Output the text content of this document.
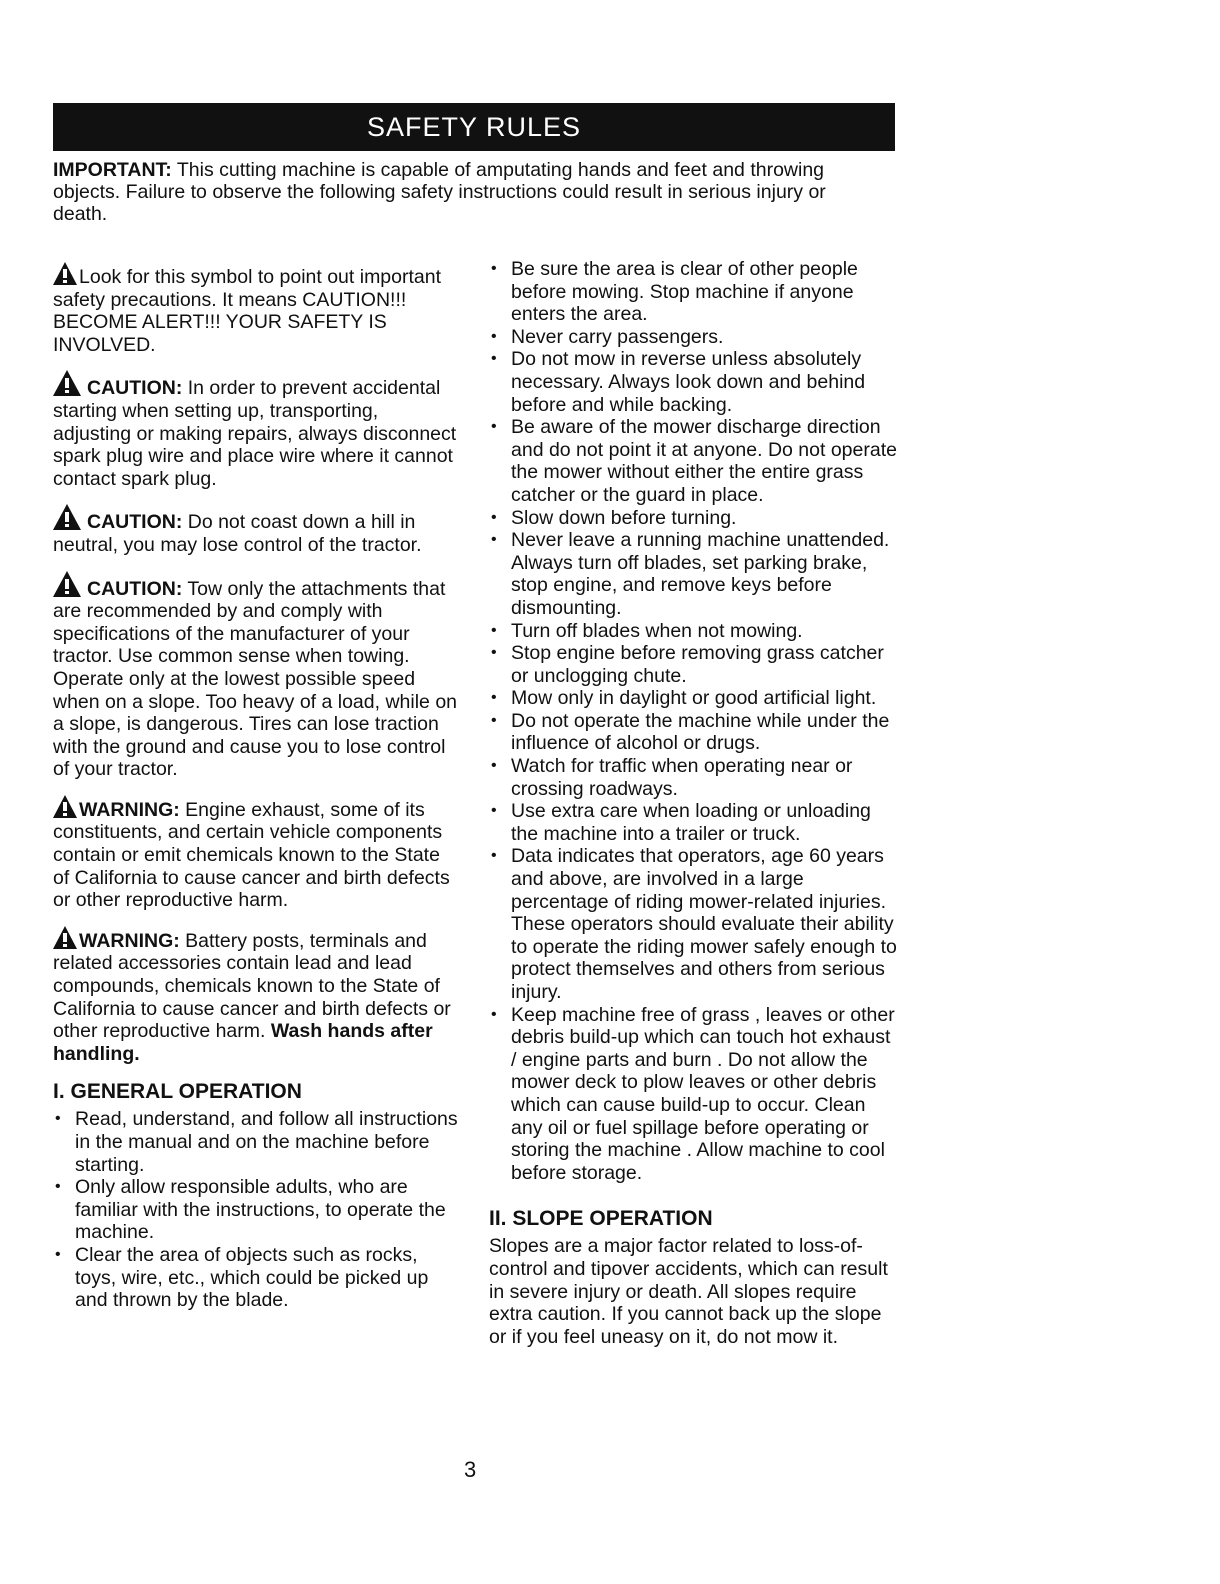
SAFETY RULES
IMPORTANT: This cutting machine is capable of amputating hands and feet and throwing objects. Failure to observe the following safety instructions could result in serious injury or death.

Look for this symbol to point out important safety precautions. It means CAUTION!!! BECOME ALERT!!! YOUR SAFETY IS INVOLVED.

CAUTION: In order to prevent accidental starting when setting up, transporting, adjusting or making repairs, always disconnect spark plug wire and place wire where it cannot contact spark plug.

CAUTION: Do not coast down a hill in neutral, you may lose control of the tractor.

CAUTION: Tow only the attachments that are recommended by and comply with specifications of the manufacturer of your tractor. Use common sense when towing. Operate only at the lowest possible speed when on a slope. Too heavy of a load, while on a slope, is dangerous. Tires can lose traction with the ground and cause you to lose control of your tractor.

WARNING: Engine exhaust, some of its constituents, and certain vehicle components contain or emit chemicals known to the State of California to cause cancer and birth defects or other reproductive harm.

WARNING: Battery posts, terminals and related accessories contain lead and lead compounds, chemicals known to the State of California to cause cancer and birth defects or other reproductive harm. Wash hands after handling.

I. GENERAL OPERATION
• Read, understand, and follow all instructions in the manual and on the machine before starting.
• Only allow responsible adults, who are familiar with the instructions, to operate the machine.
• Clear the area of objects such as rocks, toys, wire, etc., which could be picked up and thrown by the blade.
• Be sure the area is clear of other people before mowing. Stop machine if anyone enters the area.
• Never carry passengers.
• Do not mow in reverse unless absolutely necessary. Always look down and behind before and while backing.
• Be aware of the mower discharge direction and do not point it at anyone. Do not operate the mower without either the entire grass catcher or the guard in place.
• Slow down before turning.
• Never leave a running machine unattended. Always turn off blades, set parking brake, stop engine, and remove keys before dismounting.
• Turn off blades when not mowing.
• Stop engine before removing grass catcher or unclogging chute.
• Mow only in daylight or good artificial light.
• Do not operate the machine while under the influence of alcohol or drugs.
• Watch for traffic when operating near or crossing roadways.
• Use extra care when loading or unloading the machine into a trailer or truck.
• Data indicates that operators, age 60 years and above, are involved in a large percentage of riding mower-related injuries. These operators should evaluate their ability to operate the riding mower safely enough to protect themselves and others from serious injury.
• Keep machine free of grass , leaves or other debris build-up which can touch hot exhaust / engine parts and burn . Do not allow the mower deck to plow leaves or other debris which can cause build-up to occur. Clean any oil or fuel spillage before operating or storing the machine . Allow machine to cool before storage.
II. SLOPE OPERATION

Slopes are a major factor related to loss-of-control and tipover accidents, which can result in severe injury or death. All slopes require extra caution. If you cannot back up the slope or if you feel uneasy on it, do not mow it.

3
